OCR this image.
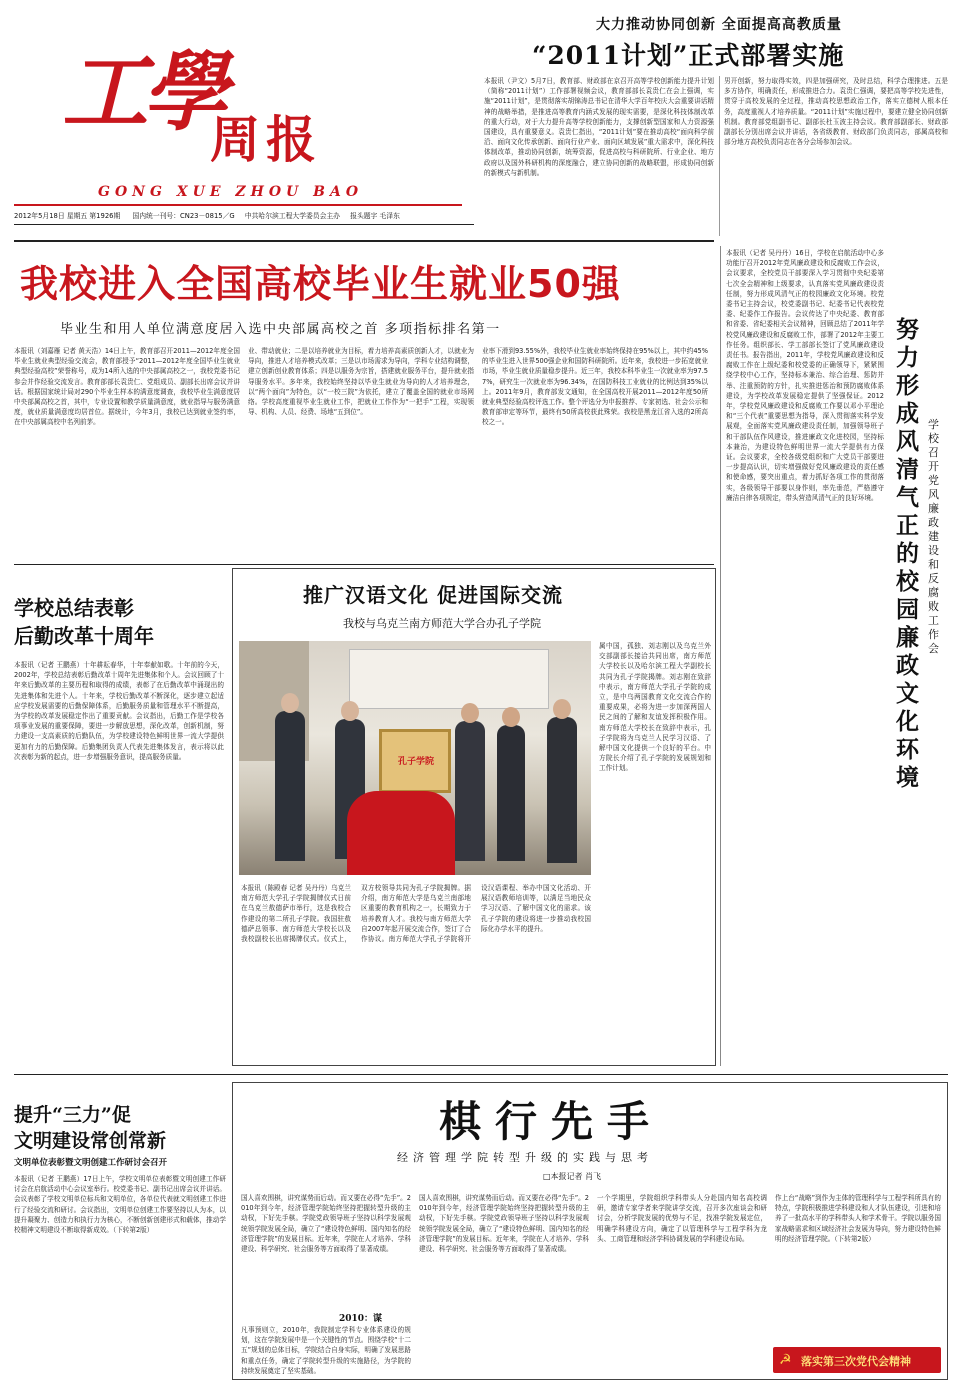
工學
周报
GONG XUE ZHOU BAO
2012年5月18日 星期五 第1926期 国内统一刊号：CN23－0815／G 中共哈尔滨工程大学委员会主办 报头题字 毛泽东
大力推动协同创新 全面提高高教质量
“2011计划”正式部署实施
本报讯（尹文）5月7日，教育部、财政部在京召开高等学校创新能力提升计划（简称“2011计划”）工作部署视频会议，教育部部长袁贵仁在会上强调，实施“2011计划”，是贯彻落实胡锦涛总书记在清华大学百年校庆大会重要讲话精神的战略举措，是推进高等教育内涵式发展的现实需要，是深化科技体制改革的重大行动，对于大力提升高等学校创新能力，支撑创新型国家和人力资源强国建设，具有重要意义。袁贵仁指出，“2011计划”要在推动高校“面向科学前沿、面向文化传承创新、面向行业产业、面向区域发展”重大需求中，深化科技体制改革，推动协同创新，统筹资源，促进高校与科研院所、行业企业、地方政府以及国外科研机构的深度融合，建立协同创新的战略联盟，形成协同创新的新模式与新机制。
男开创新，努力取得实效，四是加强研究，及时总结，科学合理推进。五是多方协作，明确责任，形成推进合力。袁贵仁强调，要把高等学校先进性，贯穿于高校发展的全过程，推动高校思想政治工作，落实立德树人根本任务，高度重视人才培养质量。“2011计划”实施过程中，要建立健全协同创新机制。教育部党组副书记、副部长杜玉波主持会议。教育部副部长、财政部副部长分别出席会议并讲话，各省级教育、财政部门负责同志，部属高校和部分地方高校负责同志在各分会场参加会议。
我校进入全国高校毕业生就业50强
毕业生和用人单位满意度居入选中央部属高校之首 多项指标排名第一
本报讯（刘嘉雁 记者 黄天浩）14日上午，教育部召开2011—2012年度全国毕业生就业典型经验交流会，教育部授予“2011—2012年度全国毕业生就业典型经验高校”荣誉称号，成为14所入选的中央部属高校之一，我校党委书记参会并作经验交流发言。教育部部长袁贵仁、党组成员、副部长出席会议并讲话。根据国家统计局对290个毕业生样本的满意度调查，我校毕业生满意度居中央部属高校之首，其中，专业设置和教学质量满意度，就业指导与服务满意度，就业质量满意度均居首位。据统计，今年3月，我校已达到就业签约率，在中央部属高校中名列前茅。
业、带动就业；二是以培养就业为目标，着力培养高素质创新人才，以就业为导向，推进人才培养模式改革；三是以市场需求为导向，学科专业结构调整，建立创新创业教育体系；四是以服务为宗旨，搭建就业服务平台，提升就业指导服务水平。多年来，我校始终坚持以毕业生就业为导向的人才培养理念，以“两个面向”为特色，以“一校三院”为依托，建立了覆盖全国的就业市场网络。学校高度重视毕业生就业工作，把就业工作作为“一把手”工程，实现领导、机构、人员、经费、场地“五到位”。
业率下滑到93.55%外，我校毕业生就业率始终保持在95%以上，其中约45%的毕业生进入世界500强企业和国防科研院所。近年来，我校进一步拓宽就业市场，毕业生就业质量稳步提升。近三年，我校本科毕业生一次就业率为97.57%，研究生一次就业率为96.34%，在国防科技工业就业的比例达到35%以上。2011年9月，教育部发文通知，在全国高校开展2011—2012年度50所就业典型经验高校评选工作。整个评选分为申报推荐、专家初选、社会公示和教育部审定等环节，最终有50所高校获此殊荣。我校是黑龙江省入选的2所高校之一。
本报讯（记者 吴丹丹）16日，学校在启航活动中心多功能厅召开2012年党风廉政建设和反腐败工作会议，会议要求，全校党员干部要深入学习贯彻中央纪委第七次全会精神和上级要求，认真落实党风廉政建设责任制，努力形成风清气正的校园廉政文化环境。校党委书记主持会议，校党委副书记、纪委书记代表校党委、纪委作工作报告。会议传达了中央纪委、教育部和省委、省纪委相关会议精神，回顾总结了2011年学校党风廉政建设和反腐败工作，部署了2012年主要工作任务。组织部长、学工部部长签订了党风廉政建设责任书。报告指出，2011年，学校党风廉政建设和反腐败工作在上级纪委和校党委的正确领导下，紧紧围绕学校中心工作，坚持标本兼治、综合治理、惩防并举、注重预防的方针，扎实推进惩治和预防腐败体系建设，为学校改革发展稳定提供了坚强保证。2012年，学校党风廉政建设和反腐败工作要以邓小平理论和“三个代表”重要思想为指导，深入贯彻落实科学发展观，全面落实党风廉政建设责任制，加强领导班子和干部队伍作风建设，推进廉政文化进校园，坚持标本兼治，为建设特色鲜明世界一流大学提供有力保证。会议要求，全校各级党组织和广大党员干部要进一步提高认识，切实增强做好党风廉政建设的责任感和使命感，要突出重点，着力抓好各项工作的贯彻落实，各级领导干部要以身作则，率先垂范，严格遵守廉洁自律各项规定，带头营造风清气正的良好环境。
努力形成风清气正的校园廉政文化环境
学校召开党风廉政建设和反腐败工作会
学校总结表彰
后勤改革十周年
本报讯（记者 王鹏燕）十年耕耘春华，十年奉献如歌。十年前的今天，2002年，学校总结表彰后勤改革十周年先进集体和个人。会议回顾了十年来后勤改革的主要历程和取得的成绩，表彰了在后勤改革中涌现出的先进集体和先进个人。十年来，学校后勤改革不断深化，逐步建立起适应学校发展需要的后勤保障体系，后勤服务质量和管理水平不断提高，为学校的改革发展稳定作出了重要贡献。会议指出，后勤工作是学校各项事业发展的重要保障，要进一步解放思想，深化改革，创新机制，努力建设一支高素质的后勤队伍，为学校建设特色鲜明世界一流大学提供更加有力的后勤保障。后勤集团负责人代表先进集体发言，表示将以此次表彰为新的起点，进一步增强服务意识，提高服务质量。
推广汉语文化 促进国际交流
我校与乌克兰南方师范大学合办孔子学院
孔子学院
属中国，孤独、刘志刚以及乌克兰外交部副部长接洽共同出席，南方师范大学校长以及哈尔滨工程大学副校长共同为孔子学院揭牌。刘志刚在致辞中表示，南方师范大学孔子学院的成立，是中乌两国教育文化交流合作的重要成果，必将为进一步加深两国人民之间的了解和友谊发挥积极作用。南方师范大学校长在致辞中表示，孔子学院将为乌克兰人民学习汉语、了解中国文化提供一个良好的平台。中方院长介绍了孔子学院的发展规划和工作计划。
本报讯（陈殿春 记者 吴丹丹）乌克兰南方师范大学孔子学院揭牌仪式日前在乌克兰敖德萨市举行，这是我校合作建设的第二所孔子学院。我国驻敖德萨总领事、南方师范大学校长以及我校副校长出席揭牌仪式。仪式上，双方校领导共同为孔子学院揭牌。据介绍，南方师范大学是乌克兰南部地区重要的教育机构之一，长期致力于培养教育人才。我校与南方师范大学自2007年起开展交流合作，签订了合作协议。南方师范大学孔子学院将开设汉语课程、举办中国文化活动、开展汉语教师培训等，以满足当地民众学习汉语、了解中国文化的需求。该孔子学院的建设将进一步推动我校国际化办学水平的提升。
提升“三力”促
文明建设常创常新
文明单位表彰暨文明创建工作研讨会召开
本报讯（记者 王鹏燕）17日上午，学校文明单位表彰暨文明创建工作研讨会在启航活动中心会议室举行。校党委书记、副书记出席会议并讲话。会议表彰了学校文明单位标兵和文明单位，各单位代表就文明创建工作进行了经验交流和研讨。会议指出，文明单位创建工作要坚持以人为本，以提升凝聚力、创造力和执行力为核心，不断创新创建形式和载体，推动学校精神文明建设不断取得新成效。（下转第2版）
棋行先手
经济管理学院转型升级的实践与思考
□本报记者 肖飞
国人喜欢围棋，讲究谋势而后动。而又要在必得“先手”。2010年到今年，经济管理学院始终坚持把握转型升级的主动权，下好先手棋。学院党政领导班子坚持以科学发展观统领学院发展全局，确立了“建设特色鲜明、国内知名的经济管理学院”的发展目标。近年来，学院在人才培养、学科建设、科学研究、社会服务等方面取得了显著成绩。
2010：谋
凡事预则立，2010年，我院制定学科专业体系建设的规划，这在学院发展中是一个关键性的节点。围绕学校“十二五”规划的总体目标，学院结合自身实际，明确了发展思路和重点任务，确定了学院转型升级的实施路径，为学院的持续发展奠定了坚实基础。
国人喜欢围棋，讲究谋势而后动。而又要在必得“先手”。2010年到今年，经济管理学院始终坚持把握转型升级的主动权，下好先手棋。学院党政领导班子坚持以科学发展观统领学院发展全局，确立了“建设特色鲜明、国内知名的经济管理学院”的发展目标。近年来，学院在人才培养、学科建设、科学研究、社会服务等方面取得了显著成绩。
一个学期里，学院组织学科带头人分赴国内知名高校调研，邀请专家学者来学院讲学交流，召开多次座谈会和研讨会，分析学院发展的优势与不足，找准学院发展定位，明确学科建设方向，确定了以管理科学与工程学科为龙头、工商管理和经济学科协调发展的学科建设布局。
作上台“战略”到作为主体的管理科学与工程学科所具有的特点，学院积极推进学科建设和人才队伍建设，引进和培养了一批高水平的学科带头人和学术骨干。学院以服务国家战略需求和区域经济社会发展为导向，努力建设特色鲜明的经济管理学院。（下转第2版）
☭ 落实第三次党代会精神
